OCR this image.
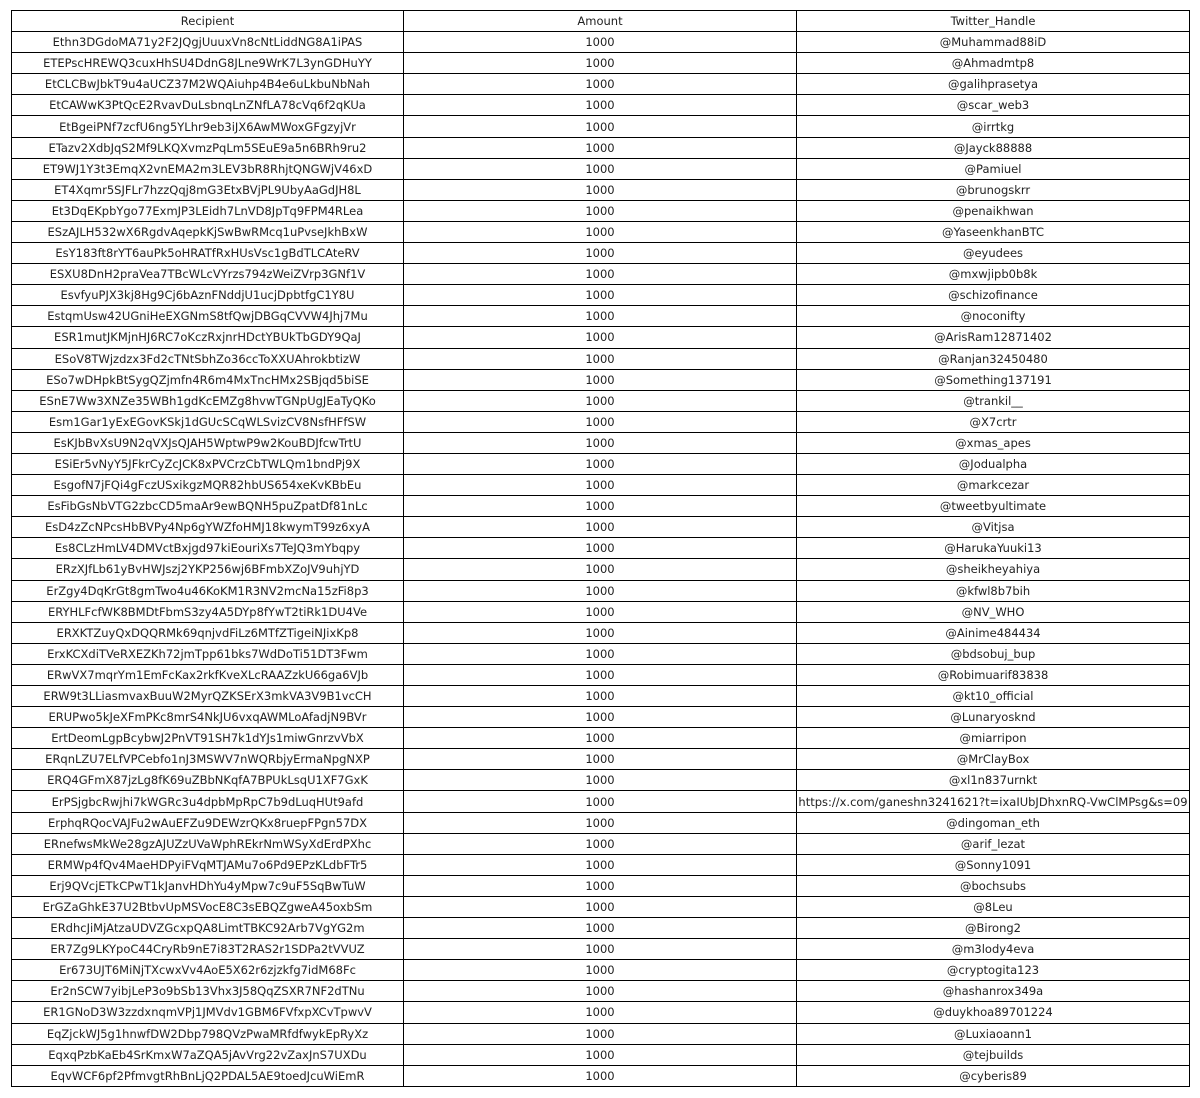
Recipient	Amount	Twitter_Handle
Ethn3DGdoMA71y2F2JQgjUuuxVn8cNtLiddNG8A1iPAS	1000	@Muhammad88iD
ETEPscHREWQ3cuxHhSU4DdnG8JLne9WrK7L3ynGDHuYY	1000	@Ahmadmtp8
EtCLCBwJbkT9u4aUCZ37M2WQAiuhp4B4e6uLkbuNbNah	1000	@galihprasetya
EtCAWwK3PtQcE2RvavDuLsbnqLnZNfLA78cVq6f2qKUa	1000	@scar_web3
EtBgeiPNf7zcfU6ng5YLhr9eb3iJX6AwMWoxGFgzyjVr	1000	@irrtkg
ETazv2XdbJqS2Mf9LKQXvmzPqLm5SEuE9a5n6BRh9ru2	1000	@Jayck88888
ET9WJ1Y3t3EmqX2vnEMA2m3LEV3bR8RhjtQNGWjV46xD	1000	@Pamiuel
ET4Xqmr5SJFLr7hzzQqj8mG3EtxBVjPL9UbyAaGdJH8L	1000	@brunogskrr
Et3DqEKpbYgo77ExmJP3LEidh7LnVD8JpTq9FPM4RLea	1000	@penaikhwan
ESzAJLH532wX6RgdvAqepkKjSwBwRMcq1uPvseJkhBxW	1000	@YaseenkhanBTC
EsY183ft8rYT6auPk5oHRATfRxHUsVsc1gBdTLCAteRV	1000	@eyudees
ESXU8DnH2praVea7TBcWLcVYrzs794zWeiZVrp3GNf1V	1000	@mxwjipb0b8k
EsvfyuPJX3kj8Hg9Cj6bAznFNddjU1ucjDpbtfgC1Y8U	1000	@schizofinance
EstqmUsw42UGniHeEXGNmS8tfQwjDBGqCVVW4Jhj7Mu	1000	@noconifty
ESR1mutJKMjnHJ6RC7oKczRxjnrHDctYBUkTbGDY9QaJ	1000	@ArisRam12871402
ESoV8TWjzdzx3Fd2cTNtSbhZo36ccToXXUAhrokbtizW	1000	@Ranjan32450480
ESo7wDHpkBtSygQZjmfn4R6m4MxTncHMx2SBjqd5biSE	1000	@Something137191
ESnE7Ww3XNZe35WBh1gdKcEMZg8hvwTGNpUgJEaTyQKo	1000	@trankil__
Esm1Gar1yExEGovKSkj1dGUcSCqWLSvizCV8NsfHFfSW	1000	@X7crtr
EsKJbBvXsU9N2qVXJsQJAH5WptwP9w2KouBDJfcwTrtU	1000	@xmas_apes
ESiEr5vNyY5JFkrCyZcJCK8xPVCrzCbTWLQm1bndPj9X	1000	@Jodualpha
EsgofN7jFQi4gFczUSxikgzMQR82hbUS654xeKvKBbEu	1000	@markcezar
EsFibGsNbVTG2zbcCD5maAr9ewBQNH5puZpatDf81nLc	1000	@tweetbyultimate
EsD4zZcNPcsHbBVPy4Np6gYWZfoHMJ18kwymT99z6xyA	1000	@Vitjsa
Es8CLzHmLV4DMVctBxjgd97kiEouriXs7TeJQ3mYbqpy	1000	@HarukaYuuki13
ERzXJfLb61yBvHWJszj2YKP256wj6BFmbXZoJV9uhjYD	1000	@sheikheyahiya
ErZgy4DqKrGt8gmTwo4u46KoKM1R3NV2mcNa15zFi8p3	1000	@kfwl8b7bih
ERYHLFcfWK8BMDtFbmS3zy4A5DYp8fYwT2tiRk1DU4Ve	1000	@NV_WHO
ERXKTZuyQxDQQRMk69qnjvdFiLz6MTfZTigeiNJixKp8	1000	@Ainime484434
ErxKCXdiTVeRXEZKh72jmTpp61bks7WdDoTi51DT3Fwm	1000	@bdsobuj_bup
ERwVX7mqrYm1EmFcKax2rkfKveXLcRAAZzkU66ga6VJb	1000	@Robimuarif83838
ERW9t3LLiasmvaxBuuW2MyrQZKSErX3mkVA3V9B1vcCH	1000	@kt10_official
ERUPwo5kJeXFmPKc8mrS4NkJU6vxqAWMLoAfadjN9BVr	1000	@Lunaryosknd
ErtDeomLgpBcybwJ2PnVT91SH7k1dYJs1miwGnrzvVbX	1000	@miarripon
ERqnLZU7ELfVPCebfo1nJ3MSWV7nWQRbjyErmaNpgNXP	1000	@MrClayBox
ERQ4GFmX87jzLg8fK69uZBbNKqfA7BPUkLsqU1XF7GxK	1000	@xl1n837urnkt
ErPSjgbcRwjhi7kWGRc3u4dpbMpRpC7b9dLuqHUt9afd	1000	https://x.com/ganeshn3241621?t=ixaIUbJDhxnRQ-VwClMPsg&s=09
ErphqRQocVAJFu2wAuEFZu9DEWzrQKx8ruepFPgn57DX	1000	@dingoman_eth
ERnefwsMkWe28gzAJUZzUVaWphREkrNmWSyXdErdPXhc	1000	@arif_lezat
ERMWp4fQv4MaeHDPyiFVqMTJAMu7o6Pd9EPzKLdbFTr5	1000	@Sonny1091
Erj9QVcjETkCPwT1kJanvHDhYu4yMpw7c9uF5SqBwTuW	1000	@bochsubs
ErGZaGhkE37U2BtbvUpMSVocE8C3sEBQZgweA45oxbSm	1000	@8Leu
ERdhcJiMjAtzaUDVZGcxpQA8LimtTBKC92Arb7VgYG2m	1000	@Birong2
ER7Zg9LKYpoC44CryRb9nE7i83T2RAS2r1SDPa2tVVUZ	1000	@m3lody4eva
Er673UJT6MiNjTXcwxVv4AoE5X62r6zjzkfg7idM68Fc	1000	@cryptogita123
Er2nSCW7yibjLeP3o9bSb13Vhx3J58QqZSXR7NF2dTNu	1000	@hashanrox349a
ER1GNoD3W3zzdxnqmVPj1JMVdv1GBM6FVfxpXCvTpwvV	1000	@duykhoa89701224
EqZjckWJ5g1hnwfDW2Dbp798QVzPwaMRfdfwykEpRyXz	1000	@Luxiaoann1
EqxqPzbKaEb4SrKmxW7aZQA5jAvVrg22vZaxJnS7UXDu	1000	@tejbuilds
EqvWCF6pf2PfmvgtRhBnLjQ2PDAL5AE9toedJcuWiEmR	1000	@cyberis89
